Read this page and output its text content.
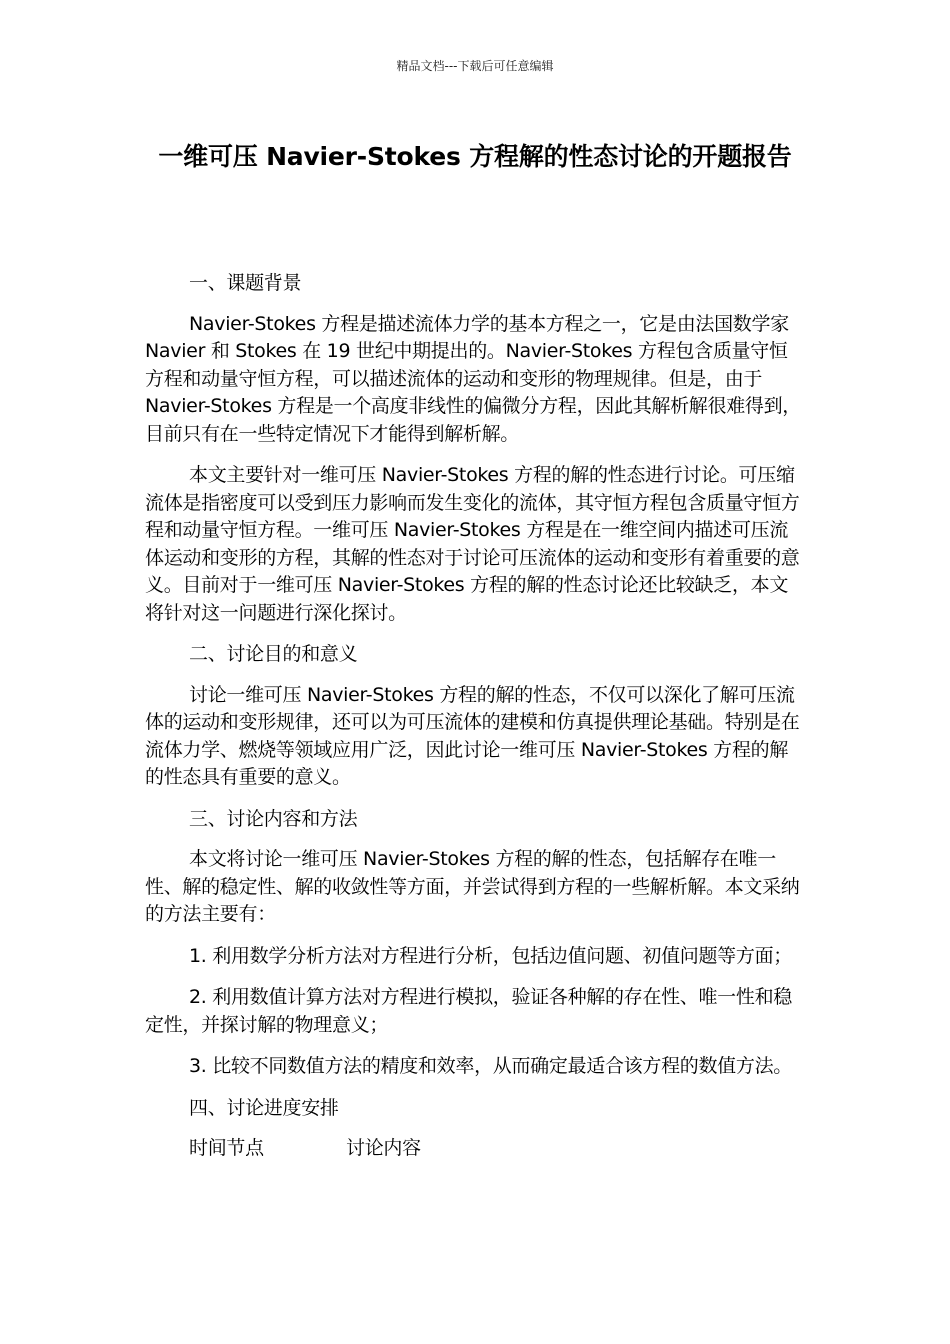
精品文档---下载后可任意编辑
一维可压 Navier-Stokes 方程解的性态讨论的开题报告

一、课题背景

Navier-Stokes 方程是描述流体力学的基本方程之一，它是由法国数学家 Navier 和 Stokes 在 19 世纪中期提出的。Navier-Stokes 方程包含质量守恒方程和动量守恒方程，可以描述流体的运动和变形的物理规律。但是，由于 Navier-Stokes 方程是一个高度非线性的偏微分方程，因此其解析解很难得到，目前只有在一些特定情况下才能得到解析解。

本文主要针对一维可压 Navier-Stokes 方程的解的性态进行讨论。可压缩流体是指密度可以受到压力影响而发生变化的流体，其守恒方程包含质量守恒方程和动量守恒方程。一维可压 Navier-Stokes 方程是在一维空间内描述可压流体运动和变形的方程，其解的性态对于讨论可压流体的运动和变形有着重要的意义。目前对于一维可压 Navier-Stokes 方程的解的性态讨论还比较缺乏，本文将针对这一问题进行深化探讨。

二、讨论目的和意义

讨论一维可压 Navier-Stokes 方程的解的性态，不仅可以深化了解可压流体的运动和变形规律，还可以为可压流体的建模和仿真提供理论基础。特别是在流体力学、燃烧等领域应用广泛，因此讨论一维可压 Navier-Stokes 方程的解的性态具有重要的意义。

三、讨论内容和方法

本文将讨论一维可压 Navier-Stokes 方程的解的性态，包括解存在唯一性、解的稳定性、解的收敛性等方面，并尝试得到方程的一些解析解。本文采纳的方法主要有：

1. 利用数学分析方法对方程进行分析，包括边值问题、初值问题等方面；

2. 利用数值计算方法对方程进行模拟，验证各种解的存在性、唯一性和稳定性，并探讨解的物理意义；

3. 比较不同数值方法的精度和效率，从而确定最适合该方程的数值方法。

四、讨论进度安排

时间节点	讨论内容
